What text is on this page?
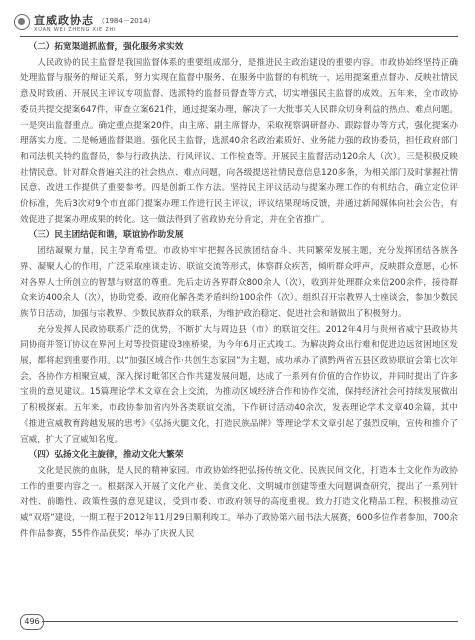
宣威政协志 （1984－2014）
XUAN WEI ZHENG XIE ZHI
（二）拓宽渠道抓监督，强化服务求实效

人民政协的民主监督是我国监督体系的重要组成部分，是推进民主政治建设的重要内容。市政协始终坚持正确处理监督与服务的辩证关系，努力实现在监督中服务、在服务中监督的有机统一，运用提案重点督办、反映社情民意及时致函、开展民主评议专项监督、选派特约监督员督查等方式，切实增强民主监督的成效。五年来，全市政协委员共提交提案647件，审查立案621件，通过提案办理，解决了一大批事关人民群众切身利益的热点、难点问题。一是突出监督重点。确定重点提案20件，由主席、副主席督办，采取视察调研督办、跟踪督办等方式，强化提案办理落实力度。二是畅通监督渠道。强化民主监督，选派40余名政治素质好、业务能力强的政协委员，担任政府部门和司法机关特约监督员，参与行政执法、行风评议、工作检查等。开展民主监督活动120余人（次）。三是积极反映社情民意。针对群众普遍关注的社会热点、难点问题，向各级提送社情民意信息120多条，为相关部门及时掌握社情民意、改进工作提供了重要参考。四是创新工作方法。坚持民主评议活动与提案办理工作的有机结合，确立定位评价标准，先后3次对9个市直部门提案办理工作进行民主评议，评议结果现场反馈，并通过新闻媒体向社会公告，有效促进了提案办理成果的转化。这一做法得到了省政协充分肯定，并在全省推广。

（三）民主团结促和谐，联谊协作助发展

团结凝聚力量，民主孕育希望。市政协牢牢把握各民族团结奋斗、共同繁荣发展主题，充分发挥团结各族各界、凝聚人心的作用，广泛采取座谈走访、联谊交流等形式，体察群众疾苦，倾听群众呼声，反映群众意愿，心怀对各界人士所创立的智慧与财富的尊重。先后走访各界群众800余人（次），收到并处理群众来信200余件，接待群众来访400余人（次），协助党委、政府化解各类矛盾纠纷100余件（次）。组织召开宗教界人士座谈会，参加少数民族节日活动，加强与宗教界、少数民族群众的联系，为维护政治稳定、促进社会和谐做出了积极努力。

充分发挥人民政协联系广泛的优势，不断扩大与周边县（市）的联谊交往。2012年4月与贵州省威宁县政协共同协商并签订协议在界河上对等投资建设3座桥梁，为今年6月正式竣工。为解决跨众出行难和促进边远贫困地区发展，都将起到重要作用。以“加强区域合作·共创生态家园”为主题，成功承办了滇黔两省五县区政协联谊会第七次年会，各协作方相聚宣威，深入探讨毗邻区合作共建发展问题，达成了一系列有价值的合作协议，并同时提出了许多宝贵的意见建议。15篇理论学术文章在会上交流，为推动区域经济合作和协作交流，保持经济社会可持续发展做出了积极探索。五年来，市政协参加省内外各类联谊交流，下作研讨活动40余次，发表理论学术文章40余篇，其中《推进宣威教育跨越发展的思考》《弘扬火腿文化，打造民族品牌》等理论学术文章引起了强烈反响，宣传和推介了宣威，扩大了宣威知名度。

（四）弘扬文化主旋律，推动文化大繁荣

文化是民族的血脉，是人民的精神家园。市政协始终把弘扬传统文化、民族民间文化，打造本土文化作为政协工作的重要内容之一。根据深入开展了文化产业、美食文化、文明城市创建等重大问题调查研究，提出了一系列针对性、前瞻性、政策性强的意见建议，受到市委、市政府领导的高度重视。致力打造文化精品工程，积极推动宣威“双塔”建设，一期工程于2012年11月29日顺利竣工。举办了政协第六届书法大展赛，600多位作者参加，700余件作品参赛，55件作品获奖；举办了庆祝人民

496
